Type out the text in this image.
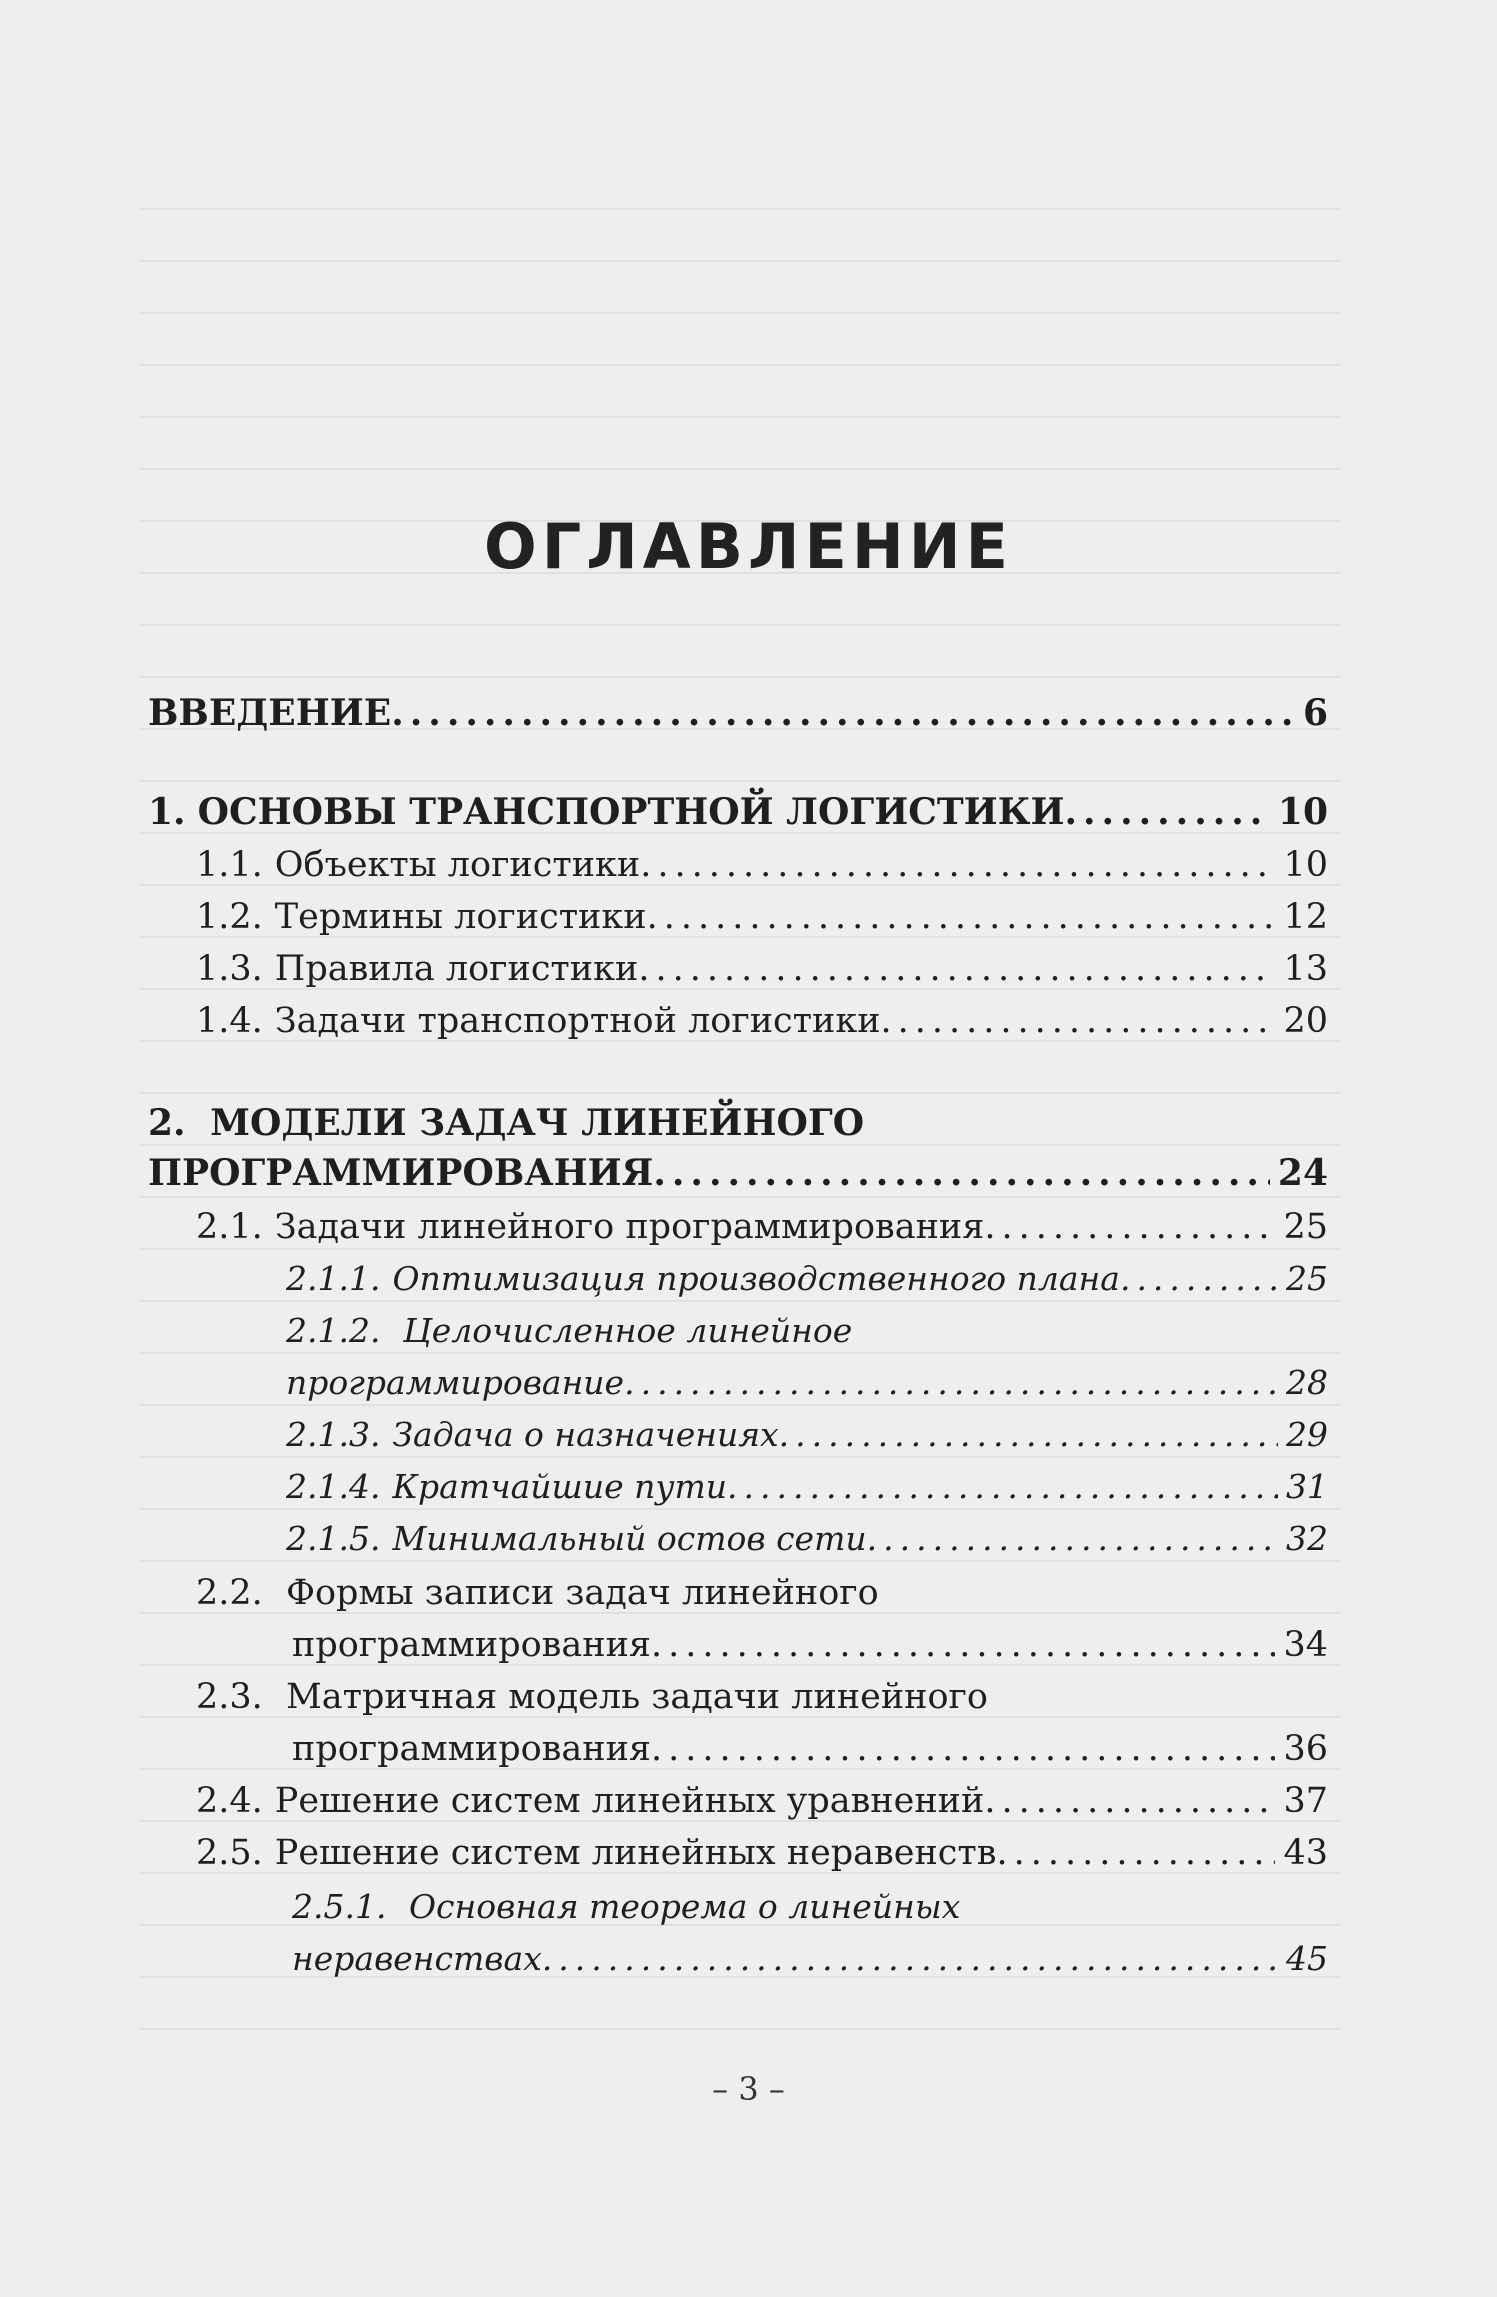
ОГЛАВЛЕНИЕ
ВВЕДЕНИЕ .....	6
1. ОСНОВЫ ТРАНСПОРТНОЙ ЛОГИСТИКИ .....	10
1.1. Объекты логистики .....	10
1.2. Термины логистики .....	12
1.3. Правила логистики .....	13
1.4. Задачи транспортной логистики .....	20
2. МОДЕЛИ ЗАДАЧ ЛИНЕЙНОГО
ПРОГРАММИРОВАНИЯ .....	24
2.1. Задачи линейного программирования .....	25
2.1.1. Оптимизация производственного плана .....	25
2.1.2. Целочисленное линейное
программирование .....	28
2.1.3. Задача о назначениях .....	29
2.1.4. Кратчайшие пути .....	31
2.1.5. Минимальный остов сети .....	32
2.2. Формы записи задач линейного
программирования .....	34
2.3. Матричная модель задачи линейного
программирования .....	36
2.4. Решение систем линейных уравнений .....	37
2.5. Решение систем линейных неравенств .....	43
2.5.1. Основная теорема о линейных
неравенствах .....	45
– 3 –
